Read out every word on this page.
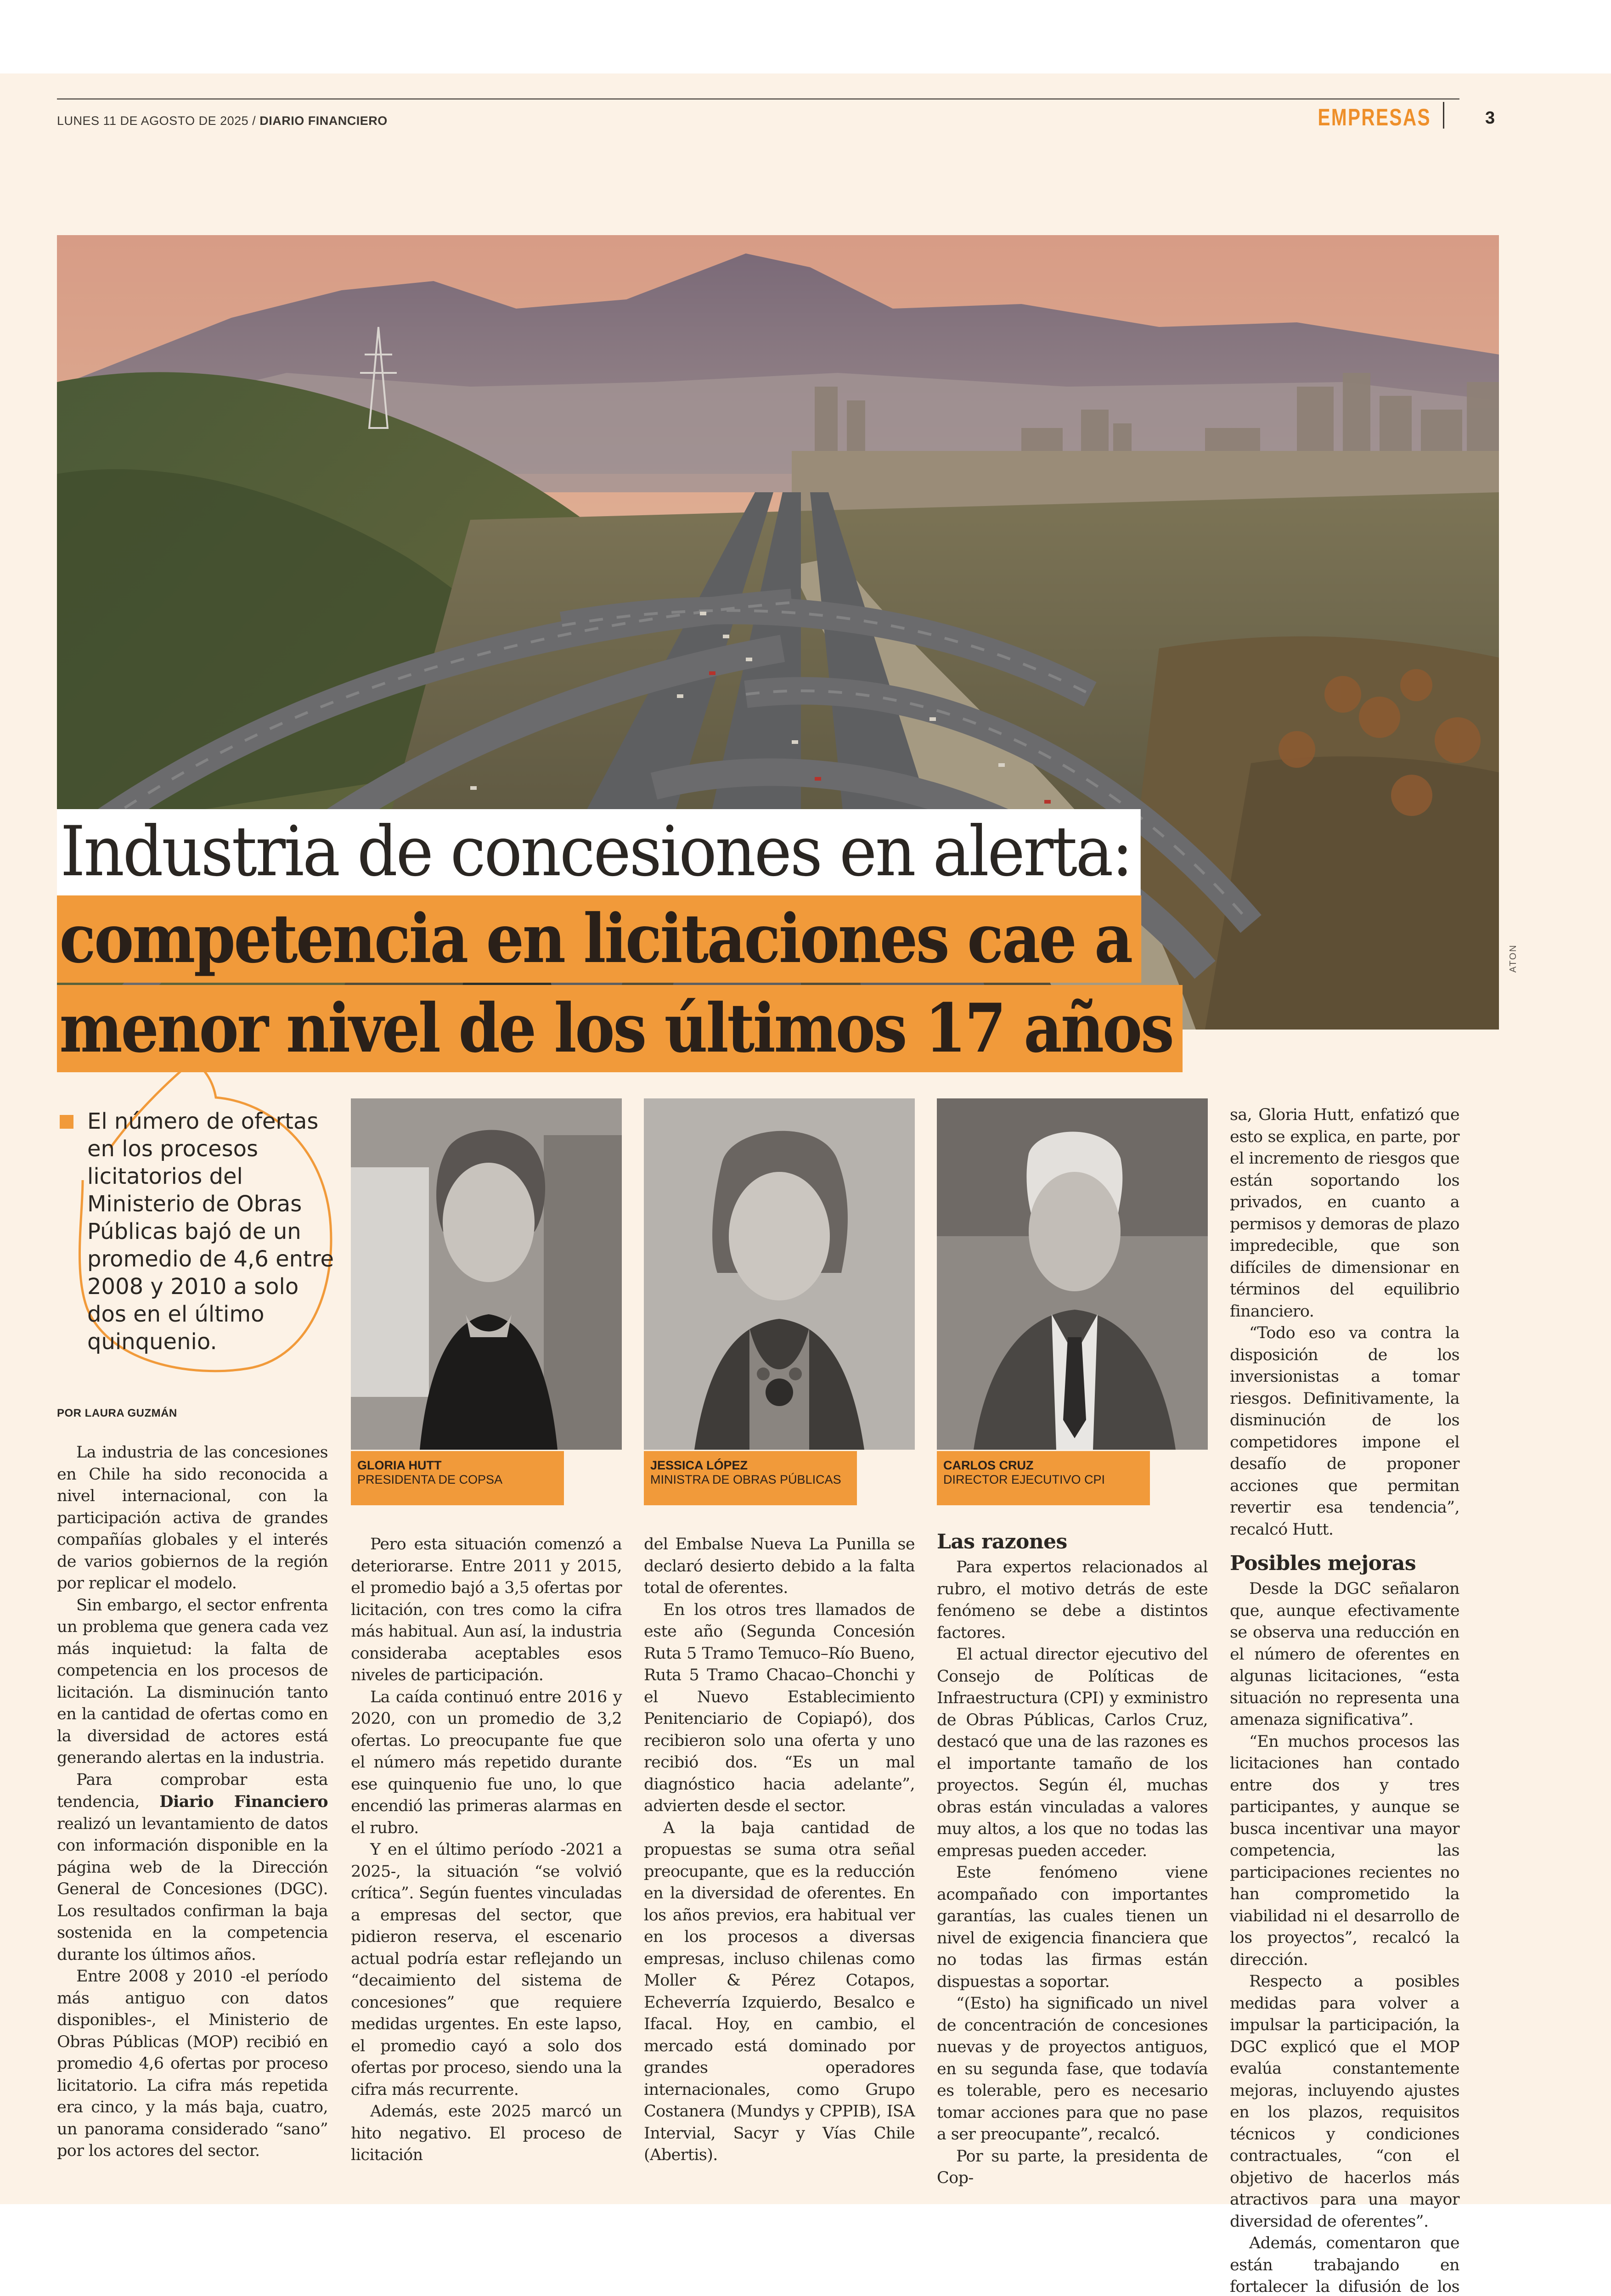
LUNES 11 DE AGOSTO DE 2025 / DIARIO FINANCIERO	EMPRESAS	3
ATON
Industria de concesiones en alerta:
competencia en licitaciones cae a
menor nivel de los últimos 17 años
El número de ofertas en los procesos licitatorios del Ministerio de Obras Públicas bajó de un promedio de 4,6 entre 2008 y 2010 a solo dos en el último quinquenio.
POR LAURA GUZMÁN
GLORIA HUTT
PRESIDENTA DE COPSA
JESSICA LÓPEZ
MINISTRA DE OBRAS PÚBLICAS
CARLOS CRUZ
DIRECTOR EJECUTIVO CPI

La industria de las concesiones en Chile ha sido reconocida a nivel internacional, con la participación activa de grandes compañías globales y el interés de varios gobiernos de la región por replicar el modelo.

Sin embargo, el sector enfrenta un problema que genera cada vez más inquietud: la falta de competencia en los procesos de licitación. La disminución tanto en la cantidad de ofertas como en la diversidad de actores está generando alertas en la industria.

Para comprobar esta tendencia, Diario Financiero realizó un levantamiento de datos con información disponible en la página web de la Dirección General de Concesiones (DGC). Los resultados confirman la baja sostenida en la competencia durante los últimos años.

Entre 2008 y 2010 -el período más antiguo con datos disponibles-, el Ministerio de Obras Públicas (MOP) recibió en promedio 4,6 ofertas por proceso licitatorio. La cifra más repetida era cinco, y la más baja, cuatro, un panorama considerado “sano” por los actores del sector.

Pero esta situación comenzó a deteriorarse. Entre 2011 y 2015, el promedio bajó a 3,5 ofertas por licitación, con tres como la cifra más habitual. Aun así, la industria consideraba aceptables esos niveles de participación.

La caída continuó entre 2016 y 2020, con un promedio de 3,2 ofertas. Lo preocupante fue que el número más repetido durante ese quinquenio fue uno, lo que encendió las primeras alarmas en el rubro.

Y en el último período -2021 a 2025-, la situación “se volvió crítica”. Según fuentes vinculadas a empresas del sector, que pidieron reserva, el escenario actual podría estar reflejando un “decaimiento del sistema de concesiones” que requiere medidas urgentes. En este lapso, el promedio cayó a solo dos ofertas por proceso, siendo una la cifra más recurrente.

Además, este 2025 marcó un hito negativo. El proceso de licitación

del Embalse Nueva La Punilla se declaró desierto debido a la falta total de oferentes.

En los otros tres llamados de este año (Segunda Concesión Ruta 5 Tramo Temuco–Río Bueno, Ruta 5 Tramo Chacao–Chonchi y el Nuevo Establecimiento Penitenciario de Copiapó), dos recibieron solo una oferta y uno recibió dos. “Es un mal diagnóstico hacia adelante”, advierten desde el sector.

A la baja cantidad de propuestas se suma otra señal preocupante, que es la reducción en la diversidad de oferentes. En los años previos, era habitual ver en los procesos a diversas empresas, incluso chilenas como Moller & Pérez Cotapos, Echeverría Izquierdo, Besalco e Ifacal. Hoy, en cambio, el mercado está dominado por grandes operadores internacionales, como Grupo Costanera (Mundys y CPPIB), ISA Intervial, Sacyr y Vías Chile (Abertis).

Las razones

Para expertos relacionados al rubro, el motivo detrás de este fenómeno se debe a distintos factores.

El actual director ejecutivo del Consejo de Políticas de Infraestructura (CPI) y exministro de Obras Públicas, Carlos Cruz, destacó que una de las razones es el importante tamaño de los proyectos. Según él, muchas obras están vinculadas a valores muy altos, a los que no todas las empresas pueden acceder.

Este fenómeno viene acompañado con importantes garantías, las cuales tienen un nivel de exigencia financiera que no todas las firmas están dispuestas a soportar.

“(Esto) ha significado un nivel de concentración de concesiones nuevas y de proyectos antiguos, en su segunda fase, que todavía es tolerable, pero es necesario tomar acciones para que no pase a ser preocupante”, recalcó.

Por su parte, la presidenta de Cop-

sa, Gloria Hutt, enfatizó que esto se explica, en parte, por el incremento de riesgos que están soportando los privados, en cuanto a permisos y demoras de plazo impredecible, que son difíciles de dimensionar en términos del equilibrio financiero.

“Todo eso va contra la disposición de los inversionistas a tomar riesgos. Definitivamente, la disminución de los competidores impone el desafío de proponer acciones que permitan revertir esa tendencia”, recalcó Hutt.

Posibles mejoras

Desde la DGC señalaron que, aunque efectivamente se observa una reducción en el número de oferentes en algunas licitaciones, “esta situación no representa una amenaza significativa”.

“En muchos procesos las licitaciones han contado entre dos y tres participantes, y aunque se busca incentivar una mayor competencia, las participaciones recientes no han comprometido la viabilidad ni el desarrollo de los proyectos”, recalcó la dirección.

Respecto a posibles medidas para volver a impulsar la participación, la DGC explicó que el MOP evalúa constantemente mejoras, incluyendo ajustes en los plazos, requisitos técnicos y condiciones contractuales, “con el objetivo de hacerlos más atractivos para una mayor diversidad de oferentes”.

Además, comentaron que están trabajando en fortalecer la difusión de los
